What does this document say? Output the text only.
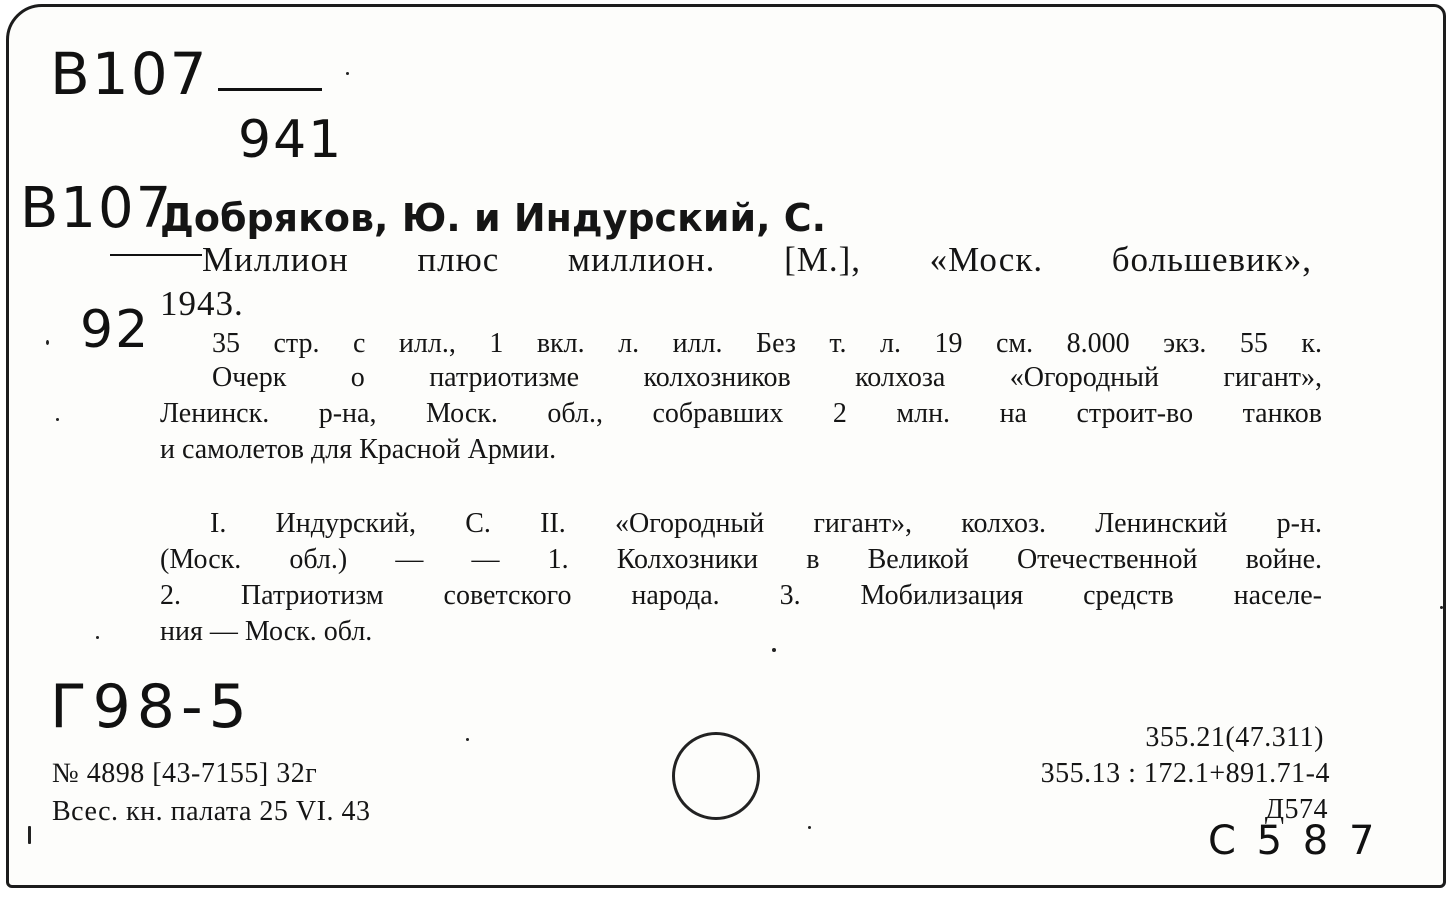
B107
941
B107
92
Добряков, Ю. и Индурский, С.
Миллион плюс миллион. [М.], «Моск. большевик»,
1943.
35 стр. с илл., 1 вкл. л. илл. Без т. л. 19 см. 8.000 экз. 55 к.
Очерк о патриотизме колхозников колхоза «Огородный гигант»,
Ленинск. р-на, Моск. обл., собравших 2 млн. на строит-во танков
и самолетов для Красной Армии.
I. Индурский, С. II. «Огородный гигант», колхоз. Ленинский р-н.
(Моск. обл.) — — 1. Колхозники в Великой Отечественной войне.
2. Патриотизм советского народа. 3. Мобилизация средств населе-
ния — Моск. обл.
Г98-5
№ 4898 [43-7155] 32г
Всес. кн. палата 25 VI. 43
355.21(47.311)
355.13 : 172.1+891.71-4
Д574
С 5 8 7
